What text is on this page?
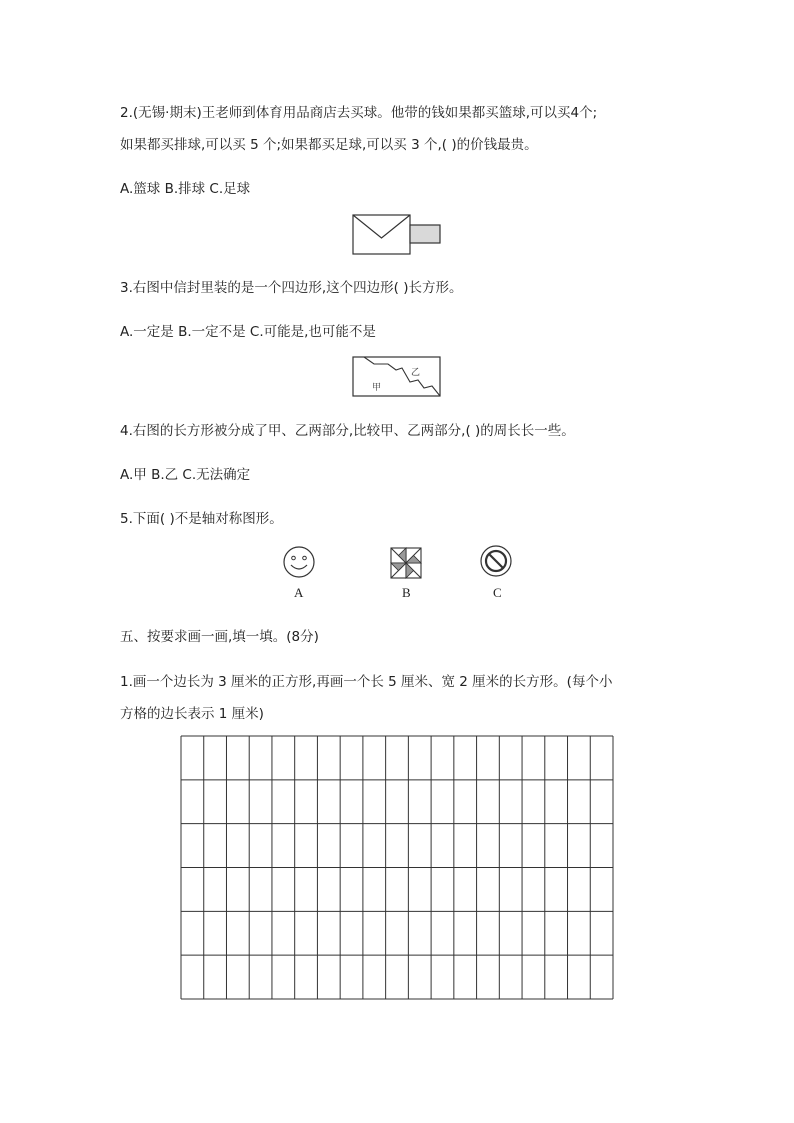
2.(无锡·期末)王老师到体育用品商店去买球。他带的钱如果都买篮球,可以买4个;
如果都买排球,可以买 5 个;如果都买足球,可以买 3 个,( )的价钱最贵。
A.篮球 B.排球 C.足球
3.右图中信封里装的是一个四边形,这个四边形( )长方形。
A.一定是 B.一定不是 C.可能是,也可能不是
甲
乙
4.右图的长方形被分成了甲、乙两部分,比较甲、乙两部分,( )的周长长一些。
A.甲 B.乙 C.无法确定
5.下面( )不是轴对称图形。
A	B	C
五、按要求画一画,填一填。(8分)
1.画一个边长为 3 厘米的正方形,再画一个长 5 厘米、宽 2 厘米的长方形。(每个小
方格的边长表示 1 厘米)
